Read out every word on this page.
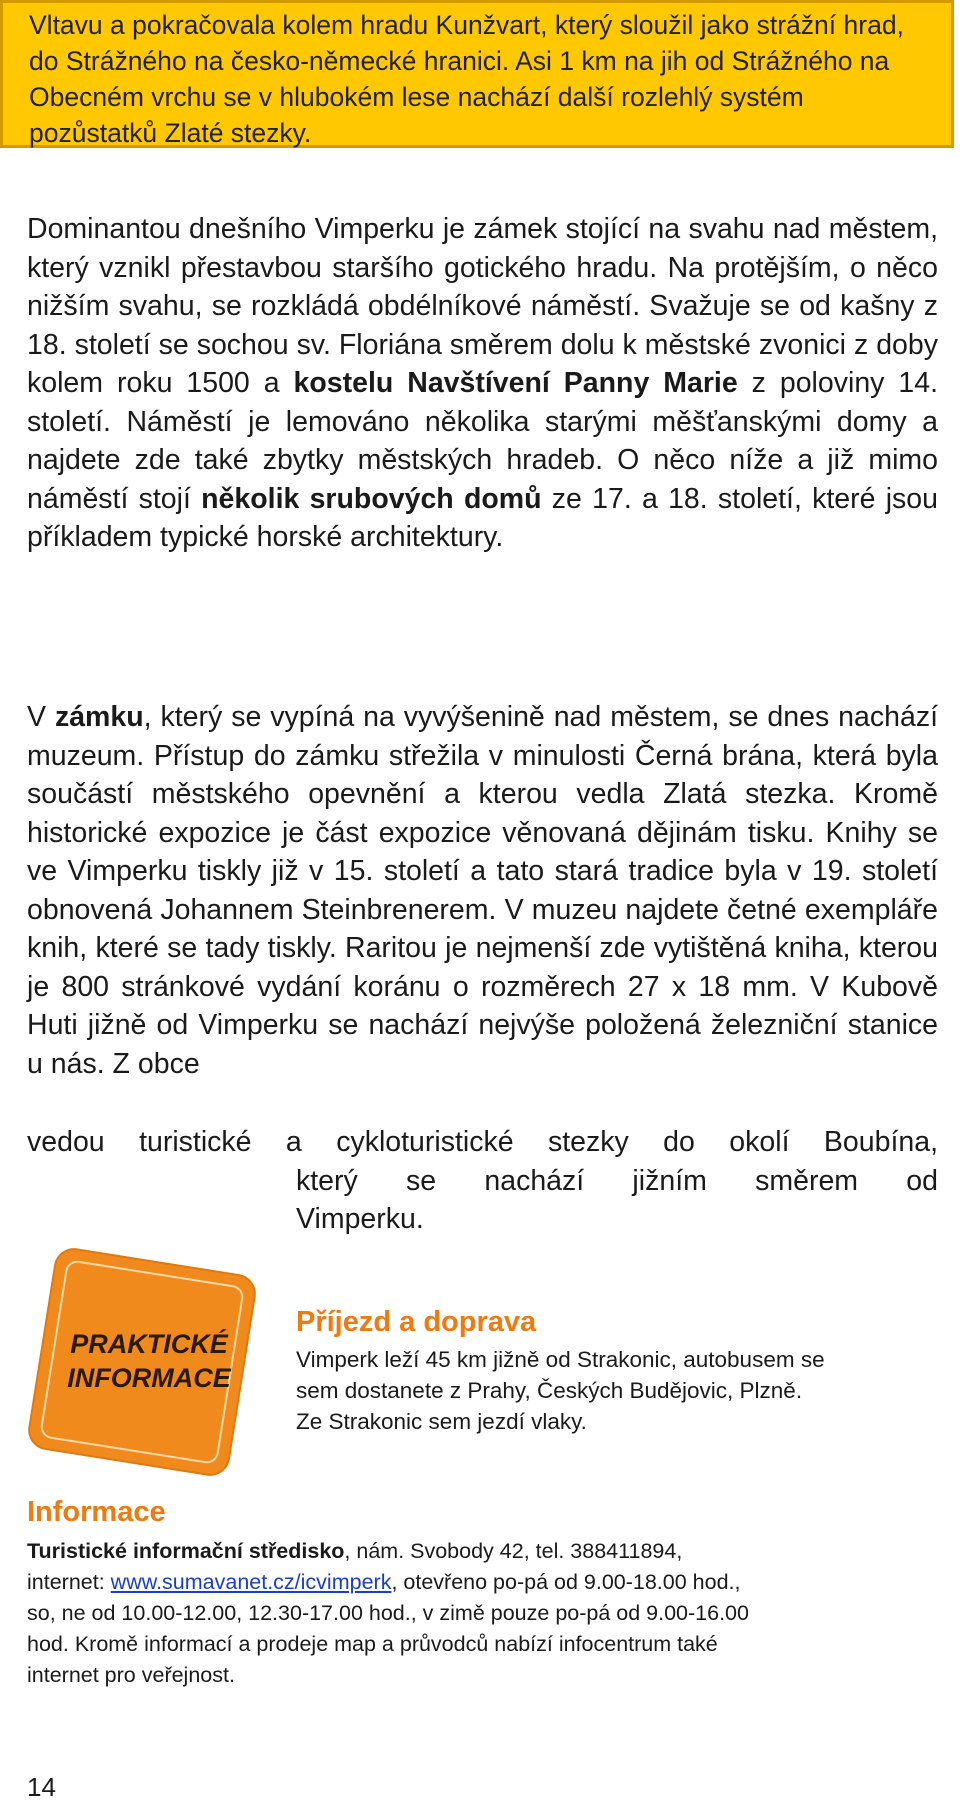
Vltavu a pokračovala kolem hradu Kunžvart, který sloužil jako strážní hrad, do Strážného na česko-německé hranici. Asi 1 km na jih od Strážného na Obecném vrchu se v hlubokém lese nachází další rozlehlý systém pozůstatků Zlaté stezky.

Dominantou dnešního Vimperku je zámek stojící na svahu nad městem, který vznikl přestavbou staršího gotického hradu. Na protějším, o něco nižším svahu, se rozkládá obdélníkové náměstí. Svažuje se od kašny z 18. století se sochou sv. Floriána směrem dolu k městské zvonici z doby kolem roku 1500 a kostelu Navštívení Panny Marie z poloviny 14. století. Náměstí je lemováno několika starými měšťanskými domy a najdete zde také zbytky městských hradeb. O něco níže a již mimo náměstí stojí několik srubových domů ze 17. a 18. století, které jsou příkladem typické horské architektury.

V zámku, který se vypíná na vyvýšenině nad městem, se dnes nachází muzeum. Přístup do zámku střežila v minulosti Černá brána, která byla součástí městského opevnění a kterou vedla Zlatá stezka. Kromě historické expozice je část expozice věnovaná dějinám tisku. Knihy se ve Vimperku tiskly již v 15. století a tato stará tradice byla v 19. století obnovená Johannem Steinbrenerem. V muzeu najdete četné exempláře knih, které se tady tiskly. Raritou je nejmenší zde vytištěná kniha, kterou je 800 stránkové vydání koránu o rozměrech 27 x 18 mm. V Kubově Huti jižně od Vimperku se nachází nejvýše položená železniční stanice u nás. Z obce

vedou turistické a cykloturistické stezky do okolí Boubína,

který se nachází jižním směrem od

Vimperku.

PRAKTICKÉ
INFORMACE
Příjezd a doprava
Vimperk leží 45 km jižně od Strakonic, autobusem se
sem dostanete z Prahy, Českých Budějovic, Plzně.
Ze Strakonic sem jezdí vlaky.
Informace
Turistické informační středisko, nám. Svobody 42, tel. 388411894,
internet: www.sumavanet.cz/icvimperk, otevřeno po-pá od 9.00-18.00 hod.,
so, ne od 10.00-12.00, 12.30-17.00 hod., v zimě pouze po-pá od 9.00-16.00
hod. Kromě informací a prodeje map a průvodců nabízí infocentrum také
internet pro veřejnost.
14
